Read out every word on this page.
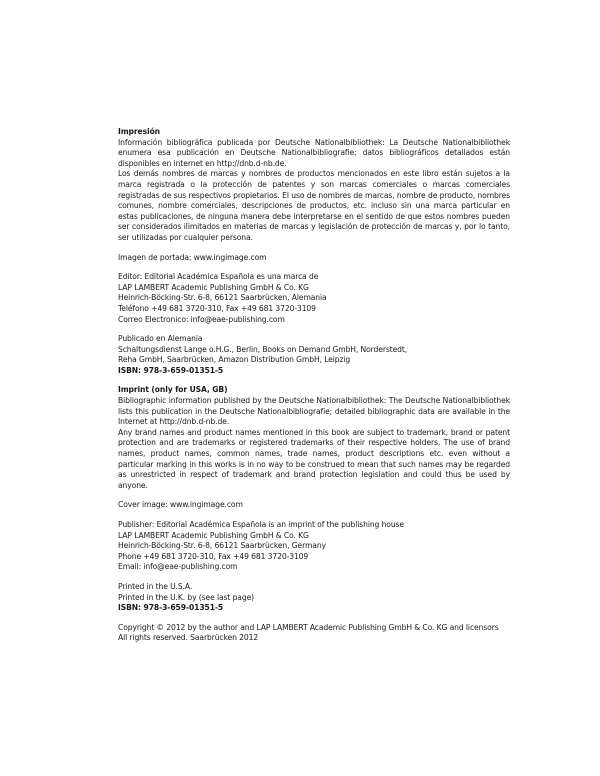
Impresión
Información bibliográfica publicada por Deutsche Nationalbibliothek: La Deutsche Nationalbibliothek enumera esa publicación en Deutsche Nationalbibliografie; datos bibliográficos detallados están disponibles en internet en http://dnb.d-nb.de.
Los demás nombres de marcas y nombres de productos mencionados en este libro están sujetos a la marca registrada o la protección de patentes y son marcas comerciales o marcas comerciales registradas de sus respectivos propietarios. El uso de nombres de marcas, nombre de producto, nombres comunes, nombre comerciales, descripciones de productos, etc. incluso sin una marca particular en estas publicaciones, de ninguna manera debe interpretarse en el sentido de que estos nombres pueden ser considerados ilimitados en materias de marcas y legislación de protección de marcas y, por lo tanto, ser utilizadas por cualquier persona.
Imagen de portada: www.ingimage.com
Editor: Editorial Académica Española es una marca de
LAP LAMBERT Academic Publishing GmbH & Co. KG
Heinrich-Böcking-Str. 6-8, 66121 Saarbrücken, Alemania
Teléfono +49 681 3720-310, Fax +49 681 3720-3109
Correo Electronico: info@eae-publishing.com
Publicado en Alemania
Schaltungsdienst Lange o.H.G., Berlin, Books on Demand GmbH, Norderstedt,
Reha GmbH, Saarbrücken, Amazon Distribution GmbH, Leipzig
ISBN: 978-3-659-01351-5
Imprint (only for USA, GB)
Bibliographic information published by the Deutsche Nationalbibliothek: The Deutsche Nationalbibliothek lists this publication in the Deutsche Nationalbibliografie; detailed bibliographic data are available in the Internet at http://dnb.d-nb.de.
Any brand names and product names mentioned in this book are subject to trademark, brand or patent protection and are trademarks or registered trademarks of their respective holders. The use of brand names, product names, common names, trade names, product descriptions etc. even without a particular marking in this works is in no way to be construed to mean that such names may be regarded as unrestricted in respect of trademark and brand protection legislation and could thus be used by anyone.
Cover image: www.ingimage.com
Publisher: Editorial Académica Española is an imprint of the publishing house
LAP LAMBERT Academic Publishing GmbH & Co. KG
Heinrich-Böcking-Str. 6-8, 66121 Saarbrücken, Germany
Phone +49 681 3720-310, Fax +49 681 3720-3109
Email: info@eae-publishing.com
Printed in the U.S.A.
Printed in the U.K. by (see last page)
ISBN: 978-3-659-01351-5
Copyright © 2012 by the author and LAP LAMBERT Academic Publishing GmbH & Co. KG and licensors
All rights reserved. Saarbrücken 2012
